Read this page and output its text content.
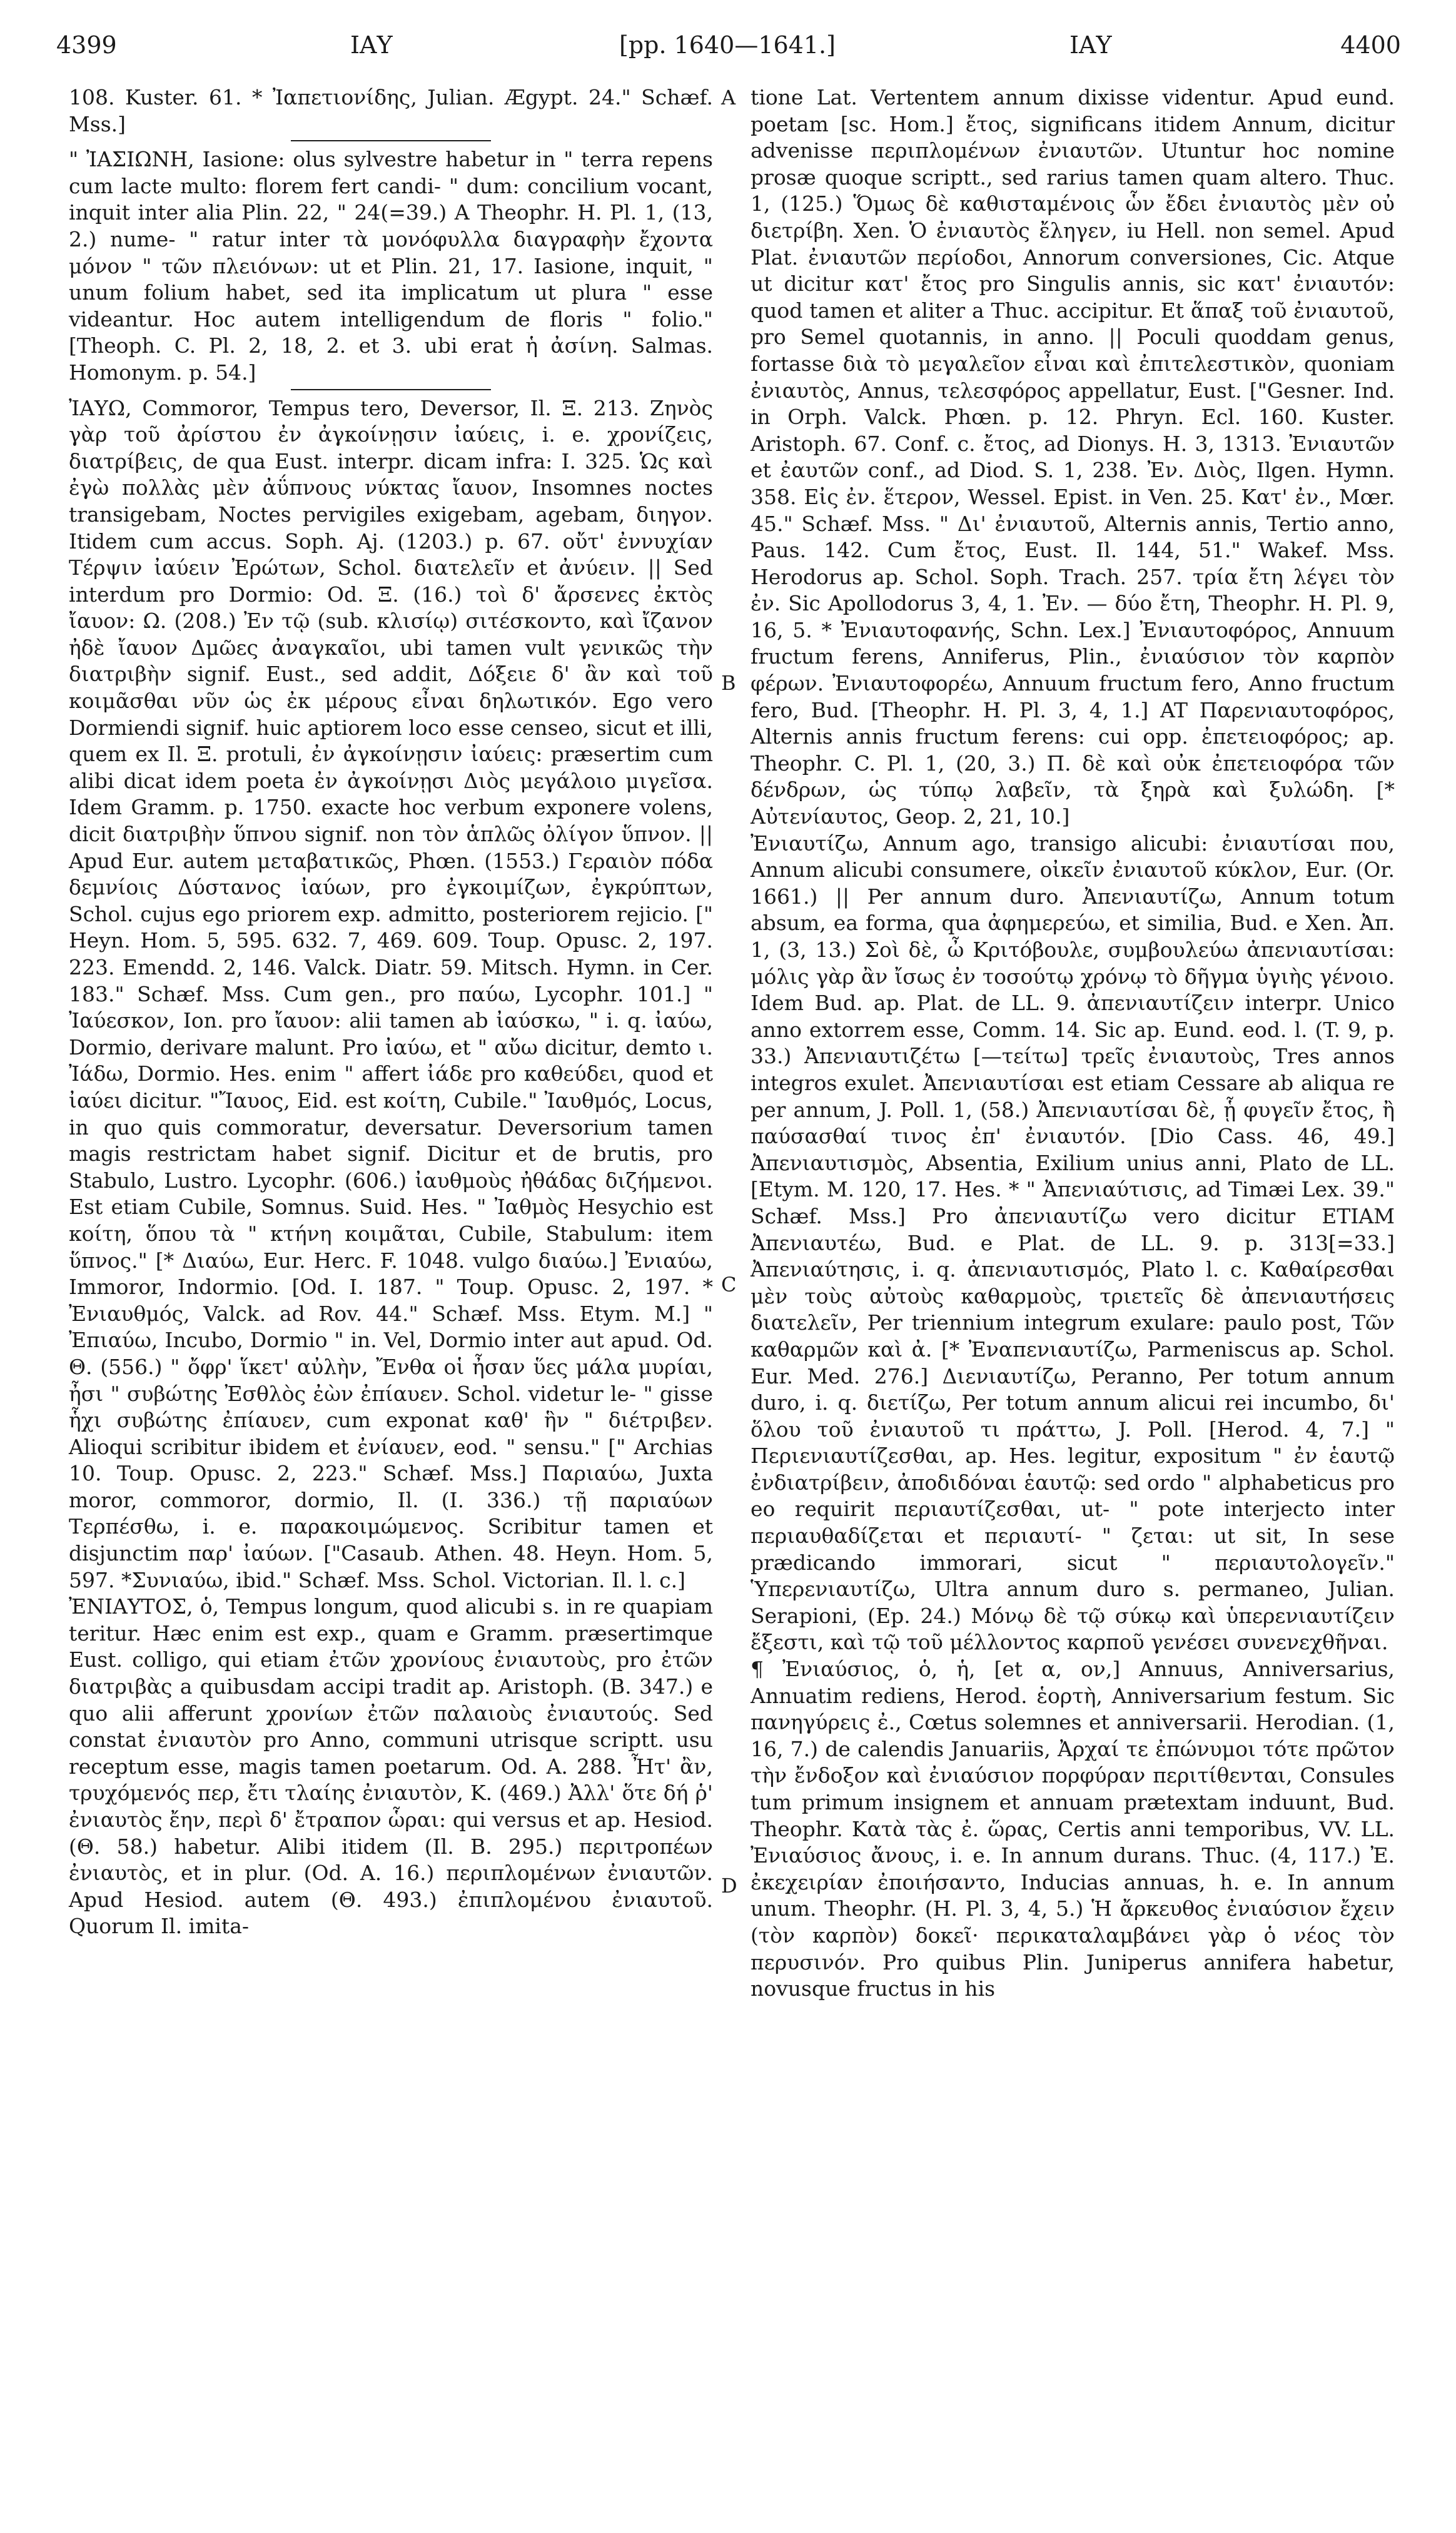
4399	ΙΑΥ	[pp. 1640—1641.]	ΙΑΥ	4400
A
B
C
D

108. Kuster. 61. * Ἰαπετιονίδης, Julian. Ægypt. 24." Schæf. Mss.]

" ἸΑΣΙΩΝΗ, Iasione: olus sylvestre habetur in " terra repens cum lacte multo: florem fert candi- " dum: concilium vocant, inquit inter alia Plin. 22, " 24(=39.) A Theophr. H. Pl. 1, (13, 2.) nume- " ratur inter τὰ μονόφυλλα διαγραφὴν ἔχοντα μόνον " τῶν πλειόνων: ut et Plin. 21, 17. Iasione, inquit, " unum folium habet, sed ita implicatum ut plura " esse videantur. Hoc autem intelligendum de floris " folio." [Theoph. C. Pl. 2, 18, 2. et 3. ubi erat ἡ ἀσίνη. Salmas. Homonym. p. 54.]

ἸΑΥΩ, Commoror, Tempus tero, Deversor, Il. Ξ. 213. Ζηνὸς γὰρ τοῦ ἀρίστου ἐν ἀγκοίνῃσιν ἰαύεις, i. e. χρονίζεις, διατρίβεις, de qua Eust. interpr. dicam infra: I. 325. Ὡς καὶ ἐγὼ πολλὰς μὲν ἀΰπνους νύκτας ἴαυον, Insomnes noctes transigebam, Noctes pervigiles exigebam, agebam, διηγον. Itidem cum accus. Soph. Aj. (1203.) p. 67. οὔτ' ἐννυχίαν Τέρψιν ἰαύειν Ἐρώτων, Schol. διατελεῖν et ἀνύειν. || Sed interdum pro Dormio: Od. Ξ. (16.) τοὶ δ' ἄρσενες ἐκτὸς ἴαυον: Ω. (208.) Ἐν τῷ (sub. κλισίῳ) σιτέσκοντο, καὶ ἴζανον ἠδὲ ἴαυον Δμῶες ἀναγκαῖοι, ubi tamen vult γενικῶς τὴν διατριβὴν signif. Eust., sed addit, Δόξειε δ' ἂν καὶ τοῦ κοιμᾶσθαι νῦν ὡς ἐκ μέρους εἶναι δηλωτικόν. Ego vero Dormiendi signif. huic aptiorem loco esse censeo, sicut et illi, quem ex Il. Ξ. protuli, ἐν ἀγκοίνῃσιν ἰαύεις: præsertim cum alibi dicat idem poeta ἐν ἀγκοίνῃσι Διὸς μεγάλοιο μιγεῖσα. Idem Gramm. p. 1750. exacte hoc verbum exponere volens, dicit διατριβὴν ὕπνου signif. non τὸν ἁπλῶς ὀλίγον ὕπνον. || Apud Eur. autem μεταβατικῶς, Phœn. (1553.) Γεραιὸν πόδα δεμνίοις Δύστανος ἰαύων, pro ἐγκοιμίζων, ἐγκρύπτων, Schol. cujus ego priorem exp. admitto, posteriorem rejicio. [" Heyn. Hom. 5, 595. 632. 7, 469. 609. Toup. Opusc. 2, 197. 223. Emendd. 2, 146. Valck. Diatr. 59. Mitsch. Hymn. in Cer. 183." Schæf. Mss. Cum gen., pro παύω, Lycophr. 101.] " Ἰαύεσκον, Ion. pro ἴαυον: alii tamen ab ἰαύσκω, " i. q. ἰαύω, Dormio, derivare malunt. Pro ἰαύω, et " αὔω dicitur, demto ι. Ἰάδω, Dormio. Hes. enim " affert ἰάδε pro καθεύδει, quod et ἰαύει dicitur. "Ἴαυος, Eid. est κοίτη, Cubile." Ἰαυθμός, Locus, in quo quis commoratur, deversatur. Deversorium tamen magis restrictam habet signif. Dicitur et de brutis, pro Stabulo, Lustro. Lycophr. (606.) ἰαυθμοὺς ἠθάδας διζήμενοι. Est etiam Cubile, Somnus. Suid. Hes. " Ἰαθμὸς Hesychio est κοίτη, ὅπου τὰ " κτήνη κοιμᾶται, Cubile, Stabulum: item ὕπνος." [* Διαύω, Eur. Herc. F. 1048. vulgo διαύω.] Ἐνιαύω, Immoror, Indormio. [Od. I. 187. " Toup. Opusc. 2, 197. * Ἐνιαυθμός, Valck. ad Rov. 44." Schæf. Mss. Etym. M.] " Ἐπιαύω, Incubo, Dormio " in. Vel, Dormio inter aut apud. Od. Θ. (556.) " ὄφρ' ἵκετ' αὐλὴν, Ἔνθα οἱ ἦσαν ὕες μάλα μυρίαι, ἦσι " συβώτης Ἐσθλὸς ἐὼν ἐπίαυεν. Schol. videtur le- " gisse ἧχι συβώτης ἐπίαυεν, cum exponat καθ' ἣν " διέτριβεν. Alioqui scribitur ibidem et ἐνίαυεν, eod. " sensu." [" Archias 10. Toup. Opusc. 2, 223." Schæf. Mss.] Παριαύω, Juxta moror, commoror, dormio, Il. (I. 336.) τῇ παριαύων Τερπέσθω, i. e. παρακοιμώμενος. Scribitur tamen et disjunctim παρ' ἰαύων. ["Casaub. Athen. 48. Heyn. Hom. 5, 597. *Συνιαύω, ibid." Schæf. Mss. Schol. Victorian. Il. l. c.]

ἘΝΙΑΥΤΟΣ, ὁ, Tempus longum, quod alicubi s. in re quapiam teritur. Hæc enim est exp., quam e Gramm. præsertimque Eust. colligo, qui etiam ἐτῶν χρονίους ἐνιαυτοὺς, pro ἐτῶν διατριβὰς a quibusdam accipi tradit ap. Aristoph. (B. 347.) e quo alii afferunt χρονίων ἐτῶν παλαιοὺς ἐνιαυτούς. Sed constat ἐνιαυτὸν pro Anno, communi utrisque scriptt. usu receptum esse, magis tamen poetarum. Od. A. 288. Ἦτ' ἂν, τρυχόμενός περ, ἔτι τλαίης ἐνιαυτὸν, K. (469.) Ἀλλ' ὅτε δή ῥ' ἐνιαυτὸς ἔην, περὶ δ' ἔτραπον ὧραι: qui versus et ap. Hesiod. (Θ. 58.) habetur. Alibi itidem (Il. B. 295.) περιτροπέων ἐνιαυτὸς, et in plur. (Od. A. 16.) περιπλομένων ἐνιαυτῶν. Apud Hesiod. autem (Θ. 493.) ἐπιπλομένου ἐνιαυτοῦ. Quorum Il. imita-

tione Lat. Vertentem annum dixisse videntur. Apud eund. poetam [sc. Hom.] ἔτος, significans itidem Annum, dicitur advenisse περιπλομένων ἐνιαυτῶν. Utuntur hoc nomine prosæ quoque scriptt., sed rarius tamen quam altero. Thuc. 1, (125.) Ὅμως δὲ καθισταμένοις ὧν ἔδει ἐνιαυτὸς μὲν οὐ διετρίβη. Xen. Ὁ ἐνιαυτὸς ἔληγεν, iu Hell. non semel. Apud Plat. ἐνιαυτῶν περίοδοι, Annorum conversiones, Cic. Atque ut dicitur κατ' ἔτος pro Singulis annis, sic κατ' ἐνιαυτόν: quod tamen et aliter a Thuc. accipitur. Et ἅπαξ τοῦ ἐνιαυτοῦ, pro Semel quotannis, in anno. || Poculi quoddam genus, fortasse διὰ τὸ μεγαλεῖον εἶναι καὶ ἐπιτελεστικὸν, quoniam ἐνιαυτὸς, Annus, τελεσφόρος appellatur, Eust. ["Gesner. Ind. in Orph. Valck. Phœn. p. 12. Phryn. Ecl. 160. Kuster. Aristoph. 67. Conf. c. ἔτος, ad Dionys. H. 3, 1313. Ἐνιαυτῶν et ἐαυτῶν conf., ad Diod. S. 1, 238. Ἐν. Διὸς, Ilgen. Hymn. 358. Εἰς ἐν. ἕτερον, Wessel. Epist. in Ven. 25. Κατ' ἐν., Mœr. 45." Schæf. Mss. " Δι' ἐνιαυτοῦ, Alternis annis, Tertio anno, Paus. 142. Cum ἔτος, Eust. Il. 144, 51." Wakef. Mss. Herodorus ap. Schol. Soph. Trach. 257. τρία ἔτη λέγει τὸν ἐν. Sic Apollodorus 3, 4, 1. Ἐν. — δύο ἔτη, Theophr. H. Pl. 9, 16, 5. * Ἐνιαυτοφανής, Schn. Lex.] Ἐνιαυτοφόρος, Annuum fructum ferens, Anniferus, Plin., ἐνιαύσιον τὸν καρπὸν φέρων. Ἐνιαυτοφορέω, Annuum fructum fero, Anno fructum fero, Bud. [Theophr. H. Pl. 3, 4, 1.] AT Παρενιαυτοφόρος, Alternis annis fructum ferens: cui opp. ἐπετειοφόρος; ap. Theophr. C. Pl. 1, (20, 3.) Π. δὲ καὶ οὐκ ἐπετειοφόρα τῶν δένδρων, ὡς τύπῳ λαβεῖν, τὰ ξηρὰ καὶ ξυλώδη. [* Αὐτενίαυτος, Geop. 2, 21, 10.]

Ἐνιαυτίζω, Annum ago, transigo alicubi: ἐνιαυτίσαι που, Annum alicubi consumere, οἰκεῖν ἐνιαυτοῦ κύκλον, Eur. (Or. 1661.) || Per annum duro. Ἀπενιαυτίζω, Annum totum absum, ea forma, qua ἀφημερεύω, et similia, Bud. e Xen. Ἀπ. 1, (3, 13.) Σοὶ δὲ, ὦ Κριτόβουλε, συμβουλεύω ἀπενιαυτίσαι: μόλις γὰρ ἂν ἴσως ἐν τοσούτῳ χρόνῳ τὸ δῆγμα ὑγιὴς γένοιο. Idem Bud. ap. Plat. de LL. 9. ἀπενιαυτίζειν interpr. Unico anno extorrem esse, Comm. 14. Sic ap. Eund. eod. l. (T. 9, p. 33.) Ἀπενιαυτιζέτω [—τείτω] τρεῖς ἐνιαυτοὺς, Tres annos integros exulet. Ἀπενιαυτίσαι est etiam Cessare ab aliqua re per annum, J. Poll. 1, (58.) Ἀπενιαυτίσαι δὲ, ᾗ φυγεῖν ἔτος, ἢ παύσασθαί τινος ἐπ' ἐνιαυτόν. [Dio Cass. 46, 49.] Ἀπενιαυτισμὸς, Absentia, Exilium unius anni, Plato de LL. [Etym. M. 120, 17. Hes. * " Ἀπενιαύτισις, ad Timæi Lex. 39." Schæf. Mss.] Pro ἀπενιαυτίζω vero dicitur ETIAM Ἀπενιαυτέω, Bud. e Plat. de LL. 9. p. 313[=33.] Ἀπενιαύτησις, i. q. ἀπενιαυτισμός, Plato l. c. Καθαίρεσθαι μὲν τοὺς αὐτοὺς καθαρμοὺς, τριετεῖς δὲ ἀπενιαυτήσεις διατελεῖν, Per triennium integrum exulare: paulo post, Τῶν καθαρμῶν καὶ ἀ. [* Ἐναπενιαυτίζω, Parmeniscus ap. Schol. Eur. Med. 276.] Διενιαυτίζω, Peranno, Per totum annum duro, i. q. διετίζω, Per totum annum alicui rei incumbo, δι' ὅλου τοῦ ἐνιαυτοῦ τι πράττω, J. Poll. [Herod. 4, 7.] " Περιενιαυτίζεσθαι, ap. Hes. legitur, expositum " ἐν ἑαυτῷ ἐνδιατρίβειν, ἀποδιδόναι ἑαυτῷ: sed ordo " alphabeticus pro eo requirit περιαυτίζεσθαι, ut- " pote interjecto inter περιαυθαδίζεται et περιαυτί- " ζεται: ut sit, In sese prædicando immorari, sicut " περιαυτολογεῖν." Ὑπερενιαυτίζω, Ultra annum duro s. permaneo, Julian. Serapioni, (Ep. 24.) Μόνῳ δὲ τῷ σύκῳ καὶ ὑπερενιαυτίζειν ἔξεστι, καὶ τῷ τοῦ μέλλοντος καρποῦ γενέσει συνενεχθῆναι.

¶ Ἐνιαύσιος, ὁ, ἡ, [et α, ον,] Annuus, Anniversarius, Annuatim rediens, Herod. ἑορτὴ, Anniversarium festum. Sic πανηγύρεις ἐ., Cœtus solemnes et anniversarii. Herodian. (1, 16, 7.) de calendis Januariis, Ἀρχαί τε ἐπώνυμοι τότε πρῶτον τὴν ἔνδοξον καὶ ἐνιαύσιον πορφύραν περιτίθενται, Consules tum primum insignem et annuam prætextam induunt, Bud. Theophr. Κατὰ τὰς ἐ. ὥρας, Certis anni temporibus, VV. LL. Ἐνιαύσιος ἄνους, i. e. In annum durans. Thuc. (4, 117.) Ἐ. ἐκεχειρίαν ἐποιήσαντο, Inducias annuas, h. e. In annum unum. Theophr. (H. Pl. 3, 4, 5.) Ἡ ἄρκευθος ἐνιαύσιον ἔχειν (τὸν καρπὸν) δοκεῖ· περικαταλαμβάνει γὰρ ὁ νέος τὸν περυσινόν. Pro quibus Plin. Juniperus annifera habetur, novusque fructus in his
